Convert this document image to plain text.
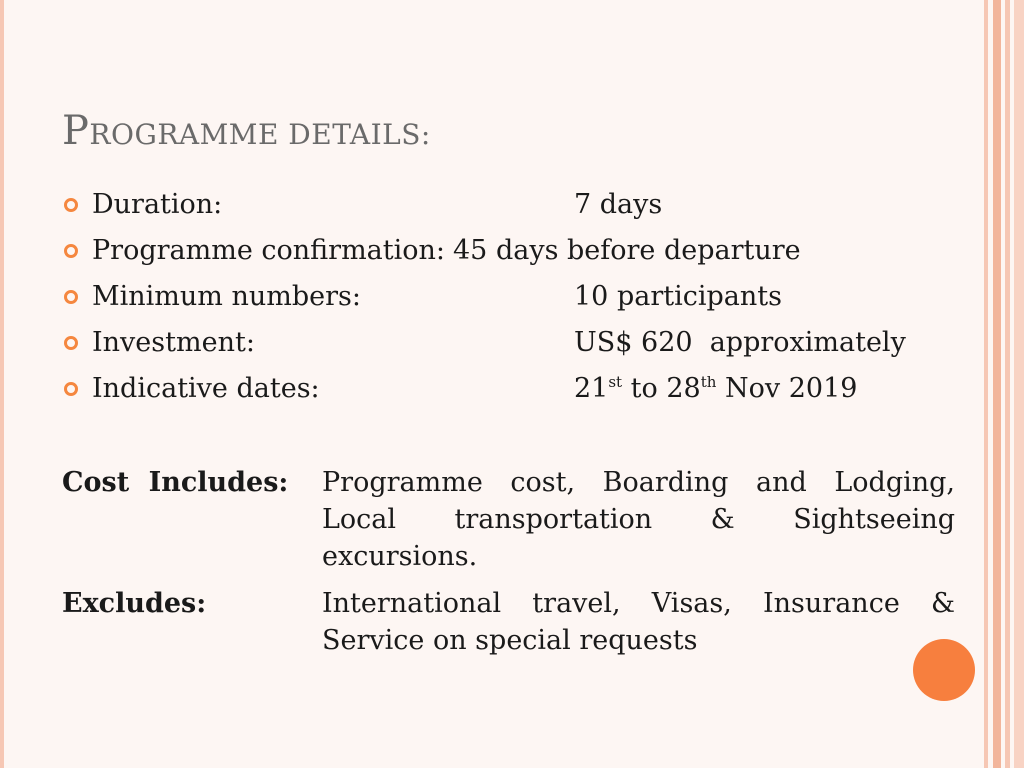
PROGRAMME DETAILS:
Duration:	7 days
Programme confirmation: 45 days before departure
Minimum numbers:	10 participants
Investment:	US$ 620  approximately
Indicative dates:	21st to 28th Nov 2019
Cost Includes: Programme cost, Boarding and Lodging, Local transportation & Sightseeing excursions.
Excludes:	International travel, Visas, Insurance & Service on special requests
